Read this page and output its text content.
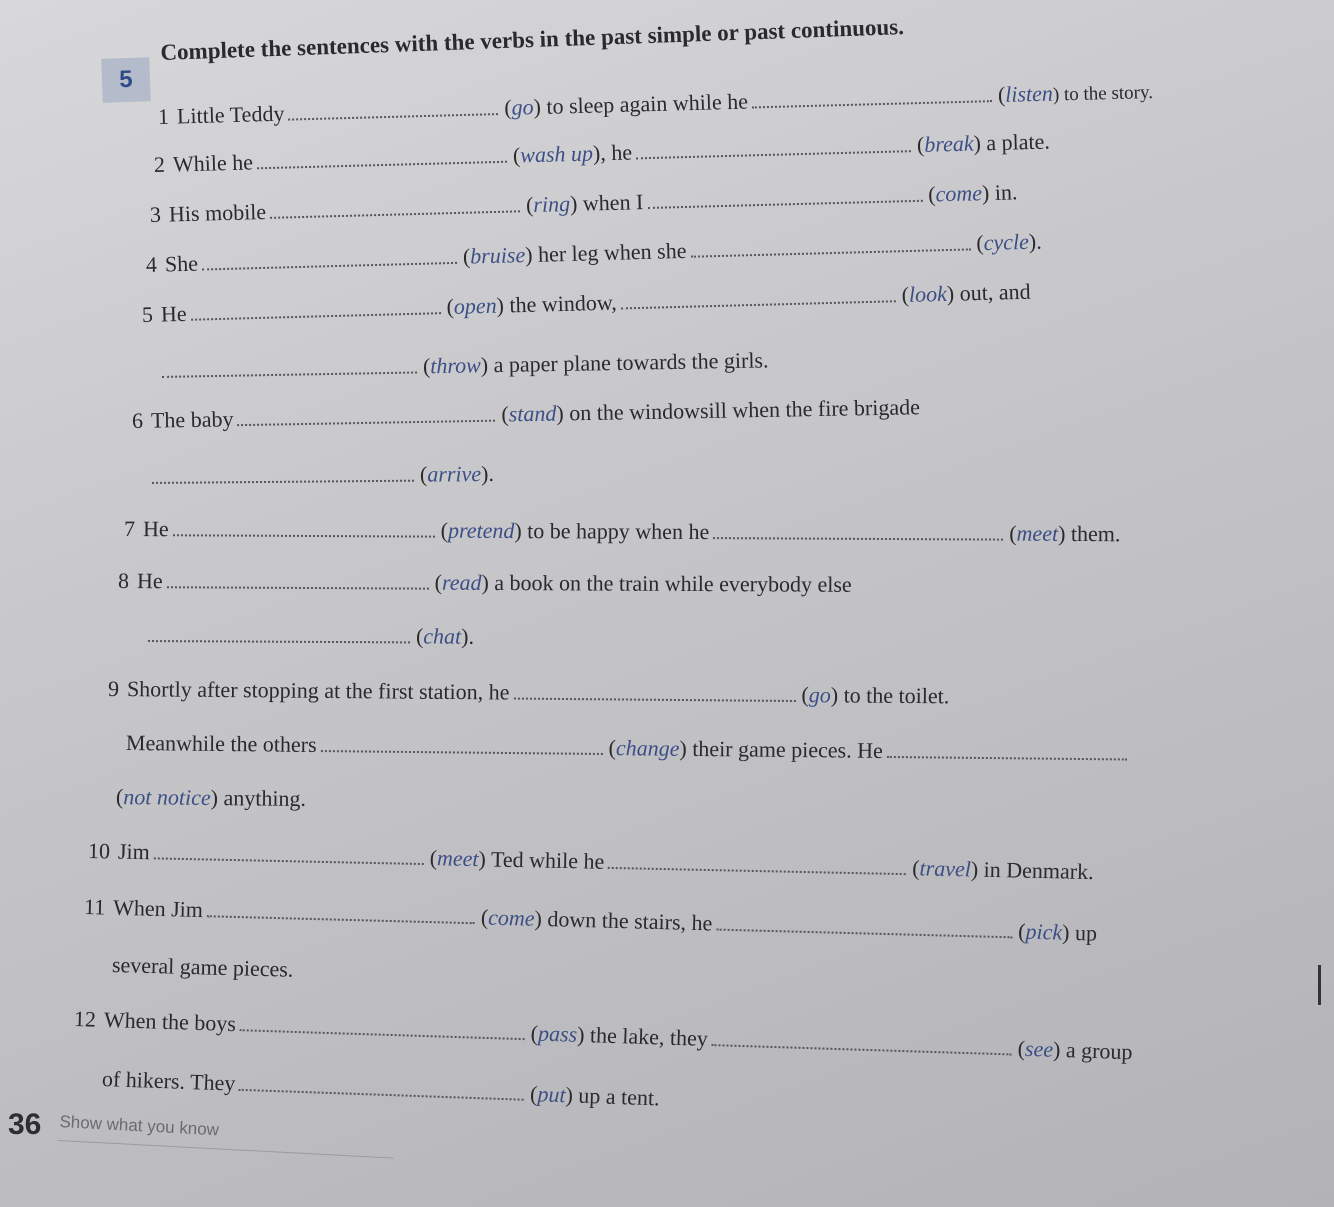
5
Complete the sentences with the verbs in the past simple or past continuous.
1 Little Teddy	( go ) to sleep again while he	( listen ) to the story.
2 While he	( wash up ), he	( break ) a plate.
3 His mobile	( ring ) when I	( come ) in.
4 She	( bruise ) her leg when she	( cycle ).
5 He	( open ) the window,	( look ) out, and
( throw ) a paper plane towards the girls.
6 The baby	( stand ) on the windowsill when the fire brigade
( arrive ).
7 He	( pretend ) to be happy when he	( meet ) them.
8 He	( read ) a book on the train while everybody else
( chat ).
9 Shortly after stopping at the first station, he	( go ) to the toilet.
Meanwhile the others	( change ) their game pieces. He
( not notice ) anything.
10 Jim	( meet ) Ted while he	( travel ) in Denmark.
11 When Jim	( come ) down the stairs, he	( pick ) up
several game pieces.
12 When the boys	( pass ) the lake, they	( see ) a group
of hikers. They	( put ) up a tent.
36 Show what you know
